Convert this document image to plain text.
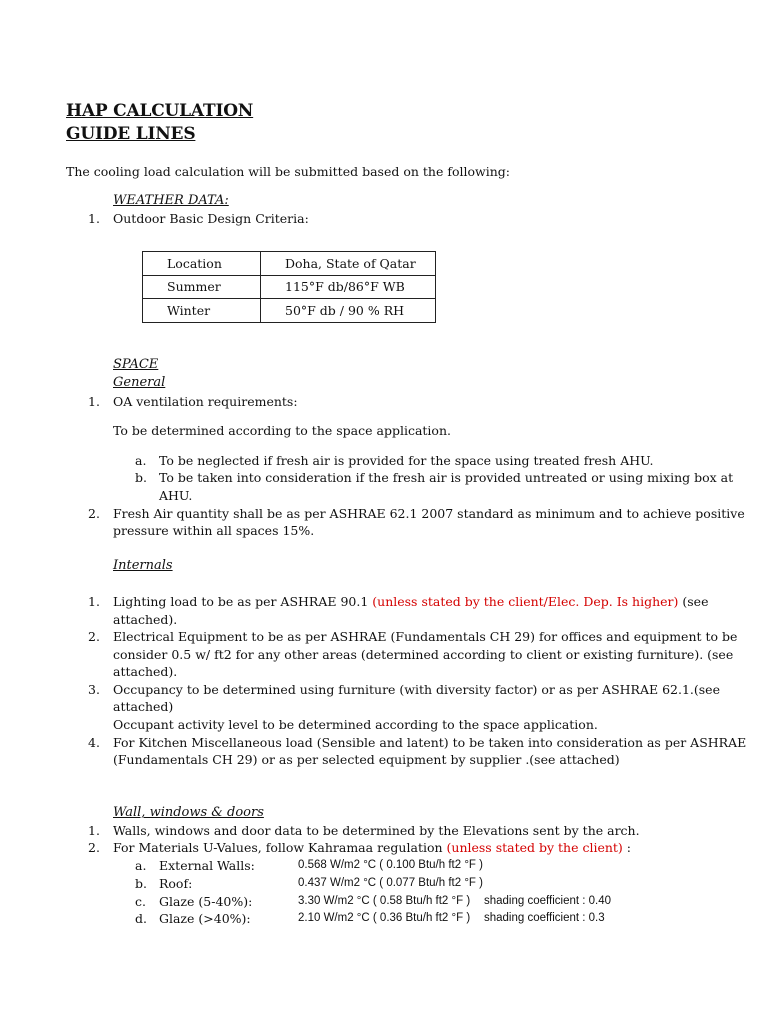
HAP CALCULATION
GUIDE LINES
The cooling load calculation will be submitted based on the following:
WEATHER DATA:
1. Outdoor Basic Design Criteria:
Location	Doha, State of Qatar
Summer	115°F db/86°F WB
Winter	50°F db / 90 % RH
SPACE
General
1. OA ventilation requirements:
To be determined according to the space application.
a. To be neglected if fresh air is provided for the space using treated fresh AHU.
b. To be taken into consideration if the fresh air is provided untreated or using mixing box at
AHU.
2. Fresh Air quantity shall be as per ASHRAE 62.1 2007 standard as minimum and to achieve positive
pressure within all spaces 15%.
Internals
1. Lighting load to be as per ASHRAE 90.1 (unless stated by the client/Elec. Dep. Is higher) (see
attached).
2. Electrical Equipment to be as per ASHRAE (Fundamentals CH 29) for offices and equipment to be
consider 0.5 w/ ft2 for any other areas (determined according to client or existing furniture). (see
attached).
3. Occupancy to be determined using furniture (with diversity factor) or as per ASHRAE 62.1.(see
attached)
Occupant activity level to be determined according to the space application.
4. For Kitchen Miscellaneous load (Sensible and latent) to be taken into consideration as per ASHRAE
(Fundamentals CH 29) or as per selected equipment by supplier .(see attached)
Wall, windows & doors
1. Walls, windows and door data to be determined by the Elevations sent by the arch.
2. For Materials U-Values, follow Kahramaa regulation (unless stated by the client) :
a. External Walls:	0.568 W/m2 °C ( 0.100 Btu/h ft2 °F )
b. Roof:	0.437 W/m2 °C ( 0.077 Btu/h ft2 °F )
c. Glaze (5-40%):	3.30 W/m2 °C ( 0.58 Btu/h ft2 °F ) shading coefficient : 0.40
d. Glaze (>40%):	2.10 W/m2 °C ( 0.36 Btu/h ft2 °F ) shading coefficient : 0.3
